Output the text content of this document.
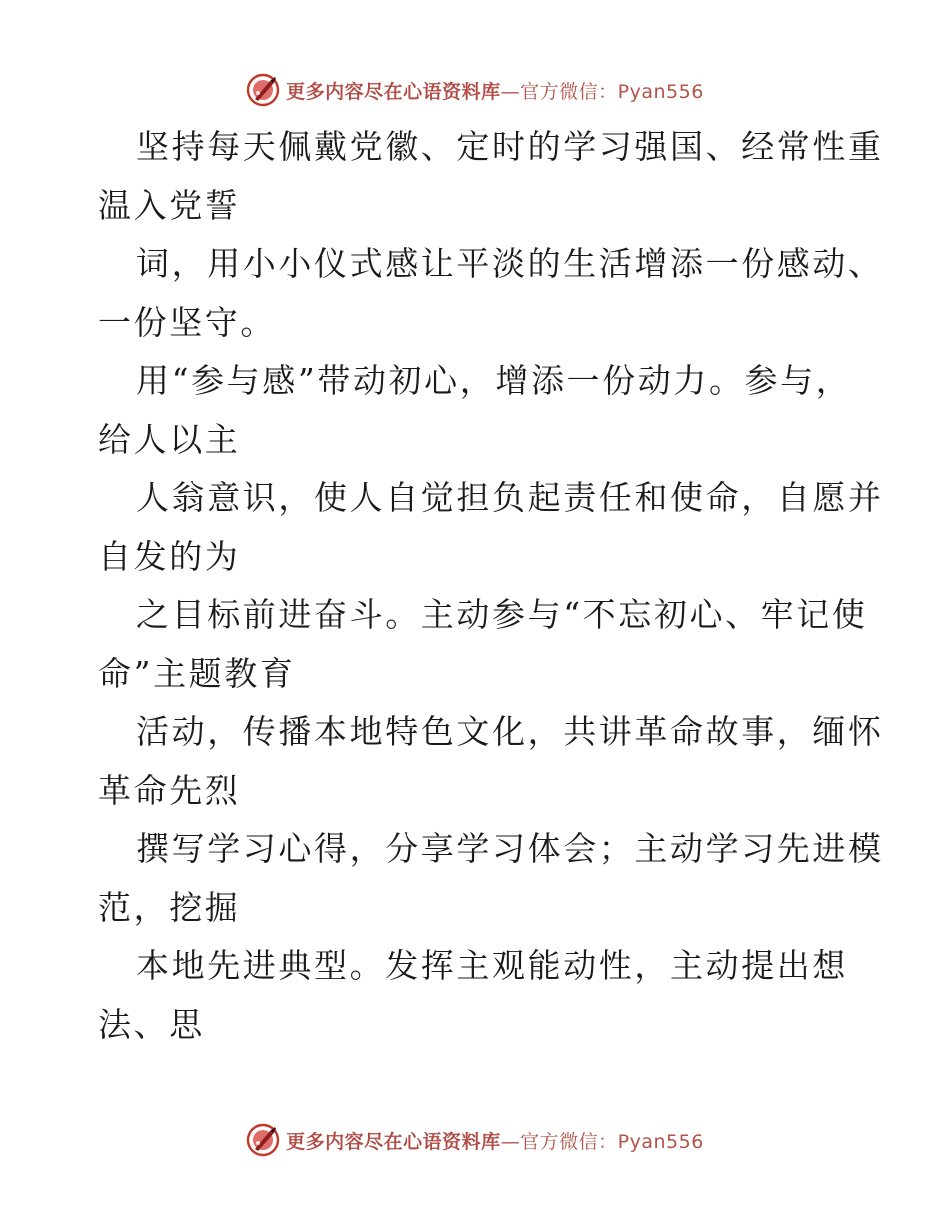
更多内容尽在心语资料库—官方微信：Pyan556
坚持每天佩戴党徽、定时的学习强国、经常性重
温入党誓
词，用小小仪式感让平淡的生活增添一份感动、
一份坚守。
用“参与感”带动初心，增添一份动力。参与，
给人以主
人翁意识，使人自觉担负起责任和使命，自愿并
自发的为
之目标前进奋斗。主动参与“不忘初心、牢记使
命”主题教育
活动，传播本地特色文化，共讲革命故事，缅怀
革命先烈
撰写学习心得，分享学习体会；主动学习先进模
范，挖掘
本地先进典型。发挥主观能动性，主动提出想
法、思
更多内容尽在心语资料库—官方微信：Pyan556
